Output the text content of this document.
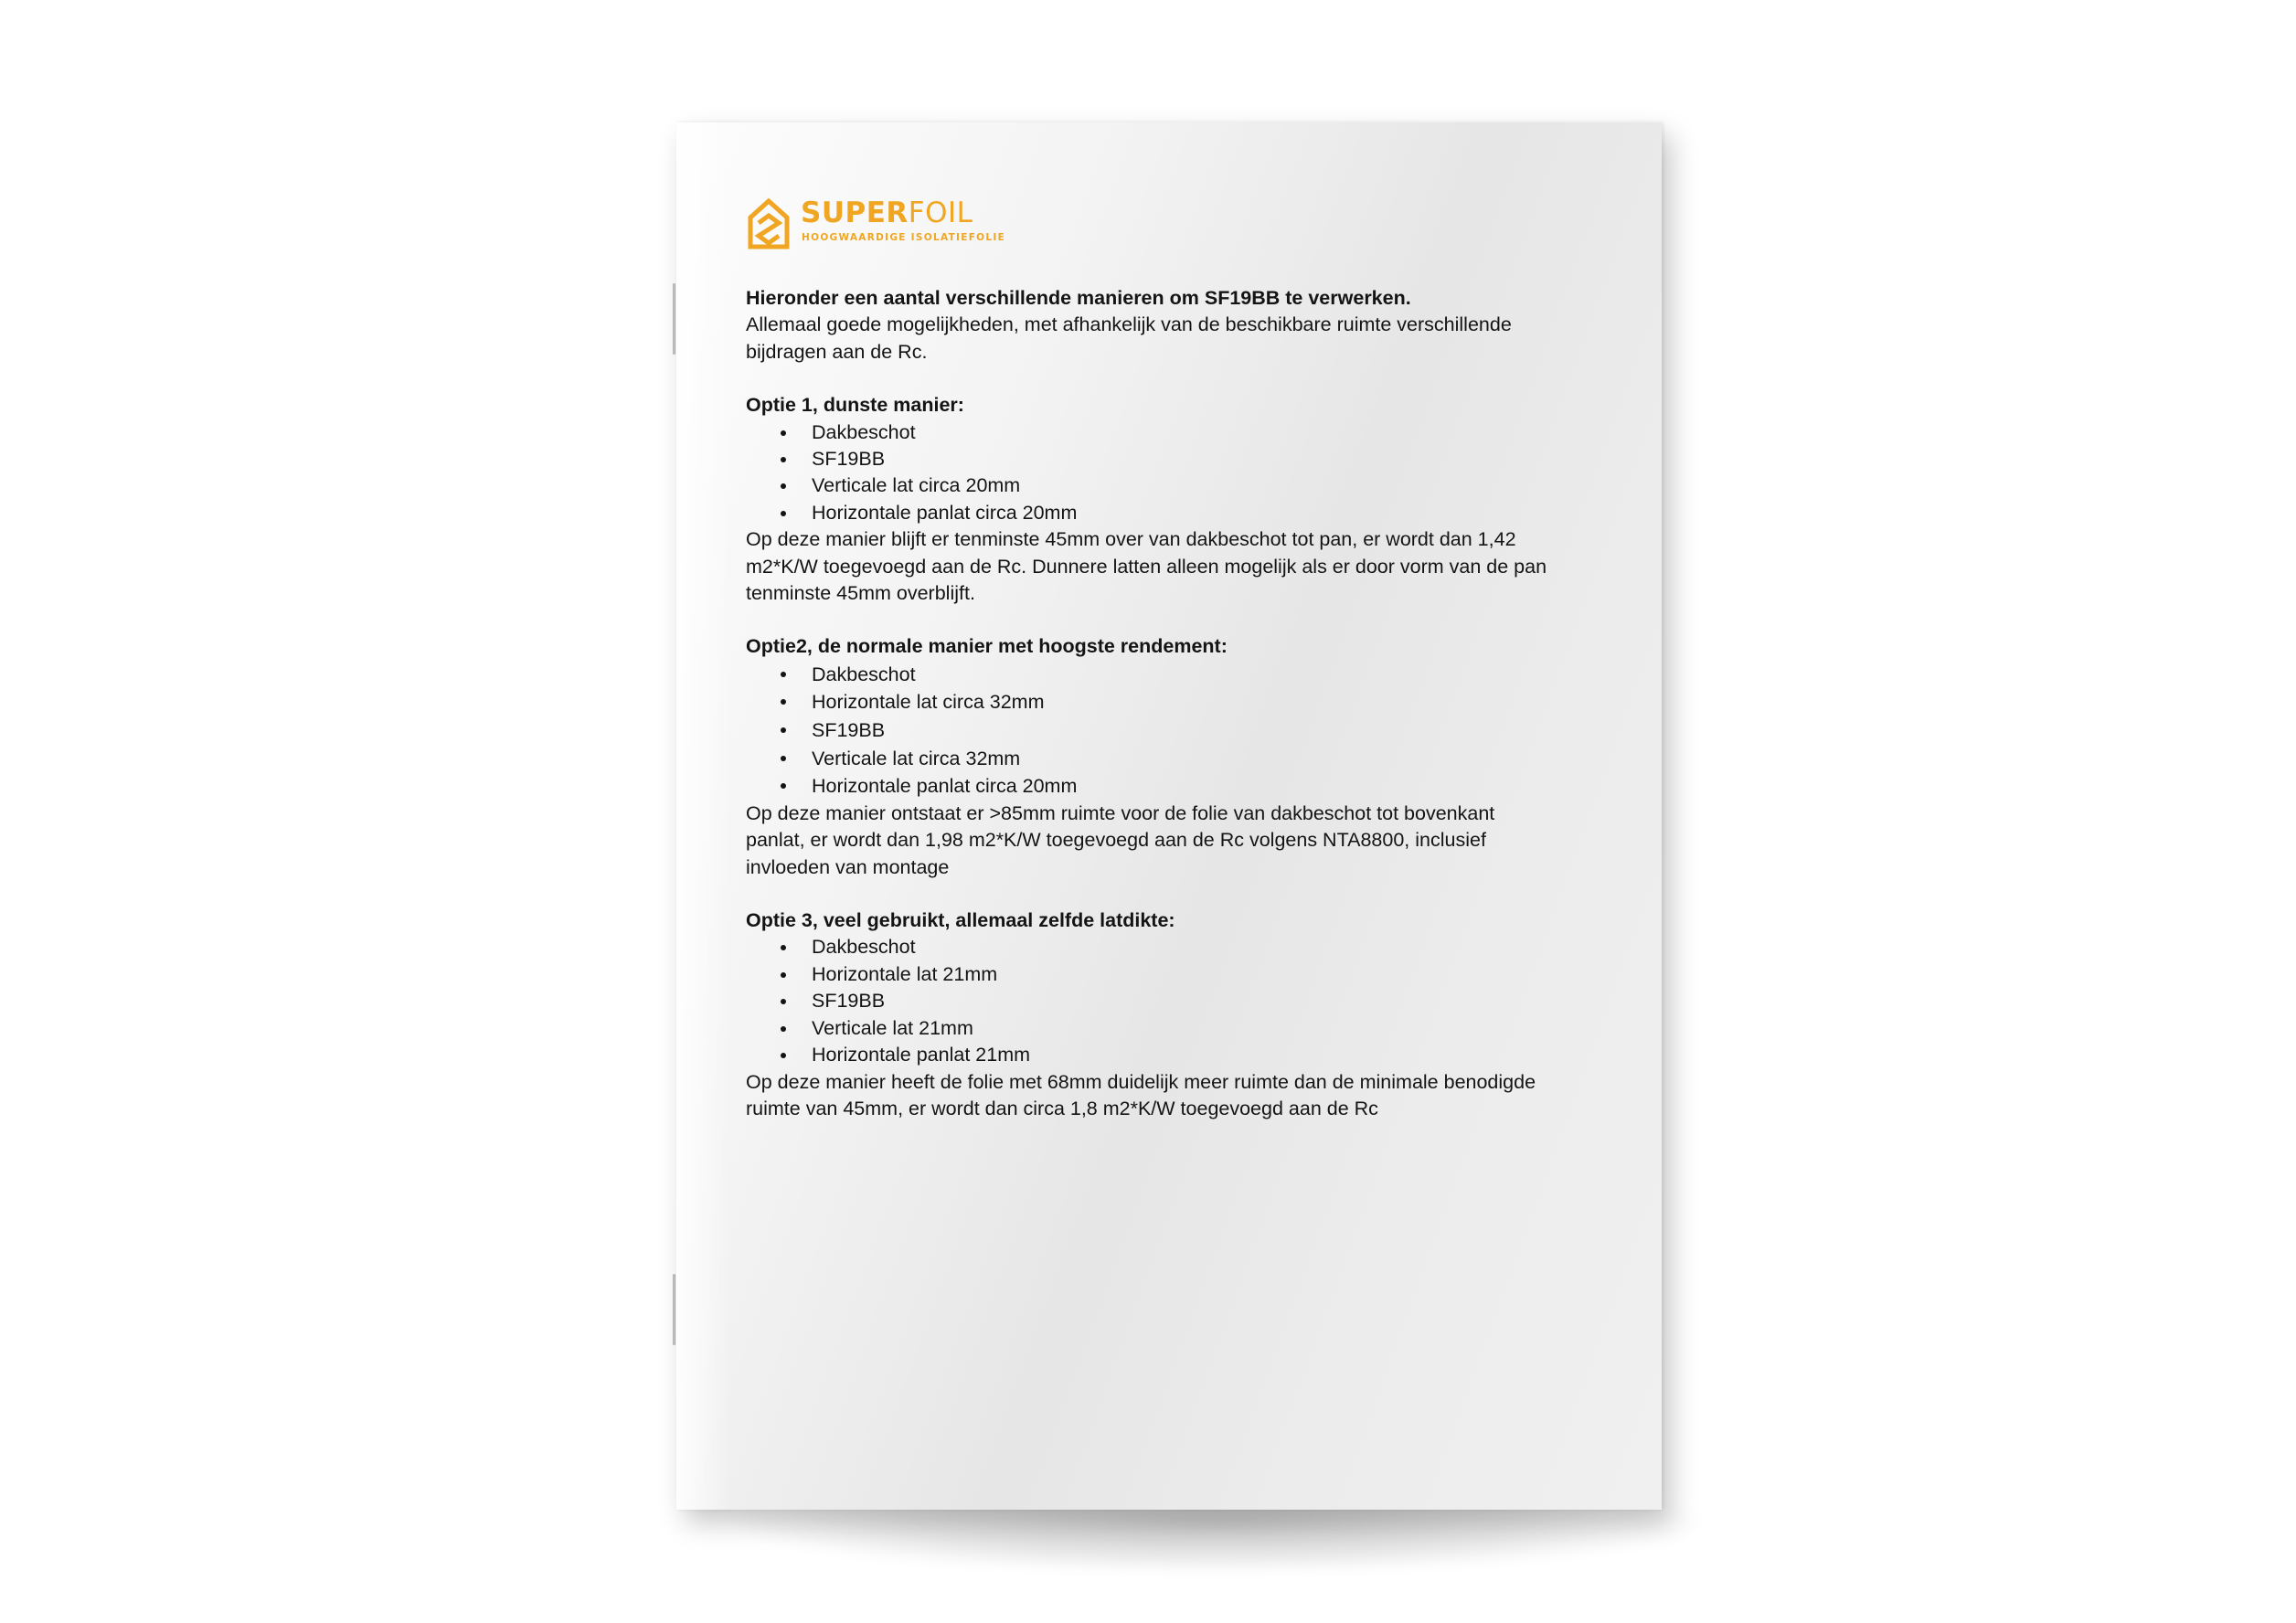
SUPERFOIL
HOOGWAARDIGE ISOLATIEFOLIE

Hieronder een aantal verschillende manieren om SF19BB te verwerken.

Allemaal goede mogelijkheden, met afhankelijk van de beschikbare ruimte verschillende

bijdragen aan de Rc.

Optie 1, dunste manier:

Dakbeschot
SF19BB
Verticale lat circa 20mm
Horizontale panlat circa 20mm

Op deze manier blijft er tenminste 45mm over van dakbeschot tot pan, er wordt dan 1,42

m2*K/W toegevoegd aan de Rc. Dunnere latten alleen mogelijk als er door vorm van de pan

tenminste 45mm overblijft.

Optie2, de normale manier met hoogste rendement:

Dakbeschot
Horizontale lat circa 32mm
SF19BB
Verticale lat circa 32mm
Horizontale panlat circa 20mm

Op deze manier ontstaat er >85mm ruimte voor de folie van dakbeschot tot bovenkant

panlat, er wordt dan 1,98 m2*K/W toegevoegd aan de Rc volgens NTA8800, inclusief

invloeden van montage

Optie 3, veel gebruikt, allemaal zelfde latdikte:

Dakbeschot
Horizontale lat 21mm
SF19BB
Verticale lat 21mm
Horizontale panlat 21mm

Op deze manier heeft de folie met 68mm duidelijk meer ruimte dan de minimale benodigde

ruimte van 45mm, er wordt dan circa 1,8 m2*K/W toegevoegd aan de Rc
